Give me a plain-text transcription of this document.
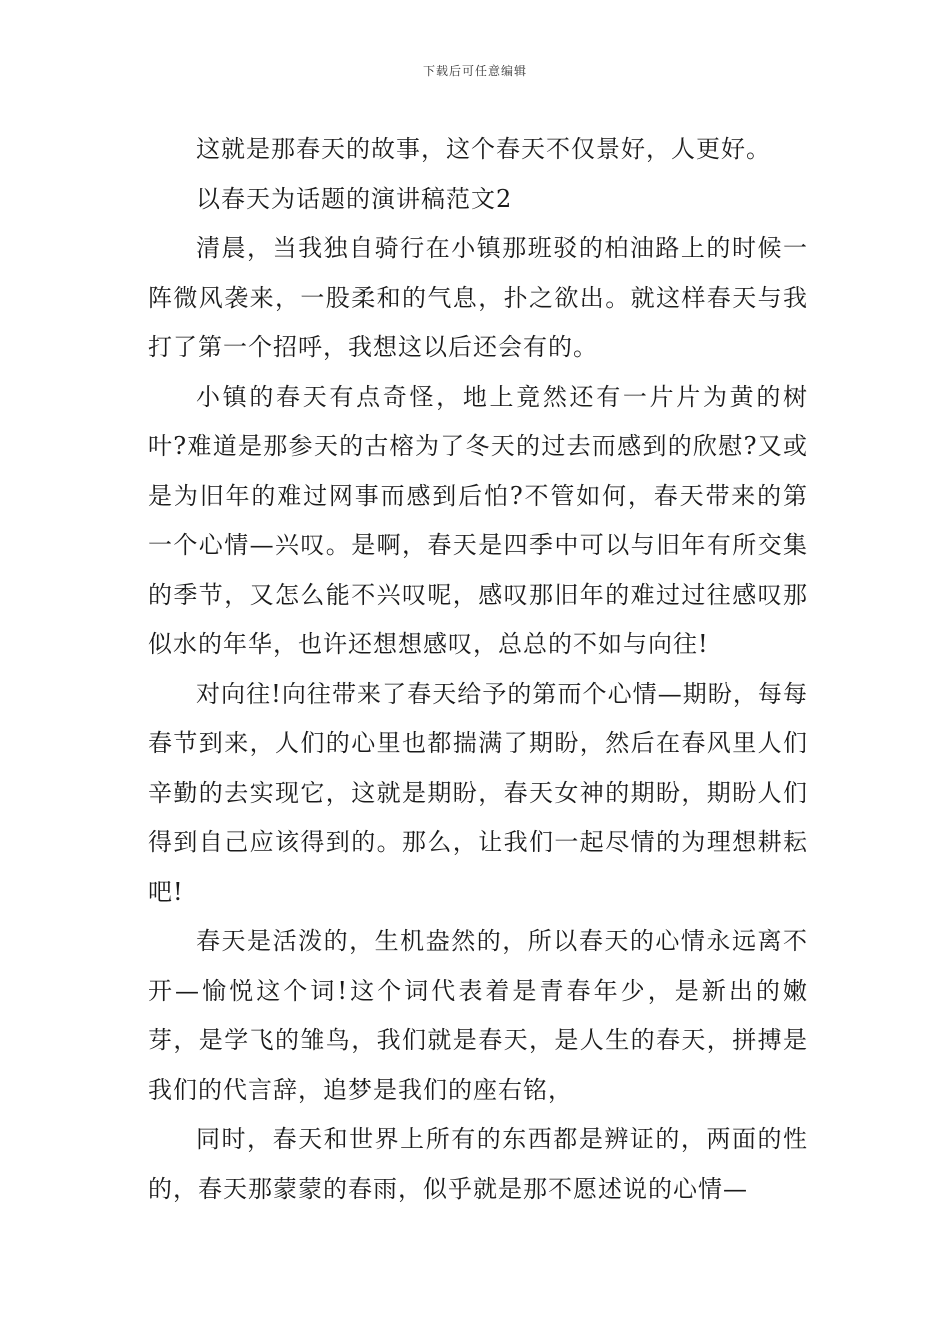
下载后可任意编辑

这就是那春天的故事，这个春天不仅景好，人更好。

以春天为话题的演讲稿范文2

清晨，当我独自骑行在小镇那班驳的柏油路上的时候一阵微风袭来，一股柔和的气息，扑之欲出。就这样春天与我打了第一个招呼，我想这以后还会有的。

小镇的春天有点奇怪，地上竟然还有一片片为黄的树叶?难道是那参天的古榕为了冬天的过去而感到的欣慰?又或是为旧年的难过网事而感到后怕?不管如何，春天带来的第一个心情—兴叹。是啊，春天是四季中可以与旧年有所交集的季节，又怎么能不兴叹呢，感叹那旧年的难过过往感叹那似水的年华，也许还想想感叹，总总的不如与向往!

对向往!向往带来了春天给予的第而个心情—期盼，每每春节到来，人们的心里也都揣满了期盼，然后在春风里人们辛勤的去实现它，这就是期盼，春天女神的期盼，期盼人们得到自己应该得到的。那么，让我们一起尽情的为理想耕耘吧!

春天是活泼的，生机盎然的，所以春天的心情永远离不开—愉悦这个词!这个词代表着是青春年少，是新出的嫩芽，是学飞的雏鸟，我们就是春天，是人生的春天，拼搏是我们的代言辞，追梦是我们的座右铭，

同时，春天和世界上所有的东西都是辨证的，两面的性的，春天那蒙蒙的春雨，似乎就是那不愿述说的心情—
